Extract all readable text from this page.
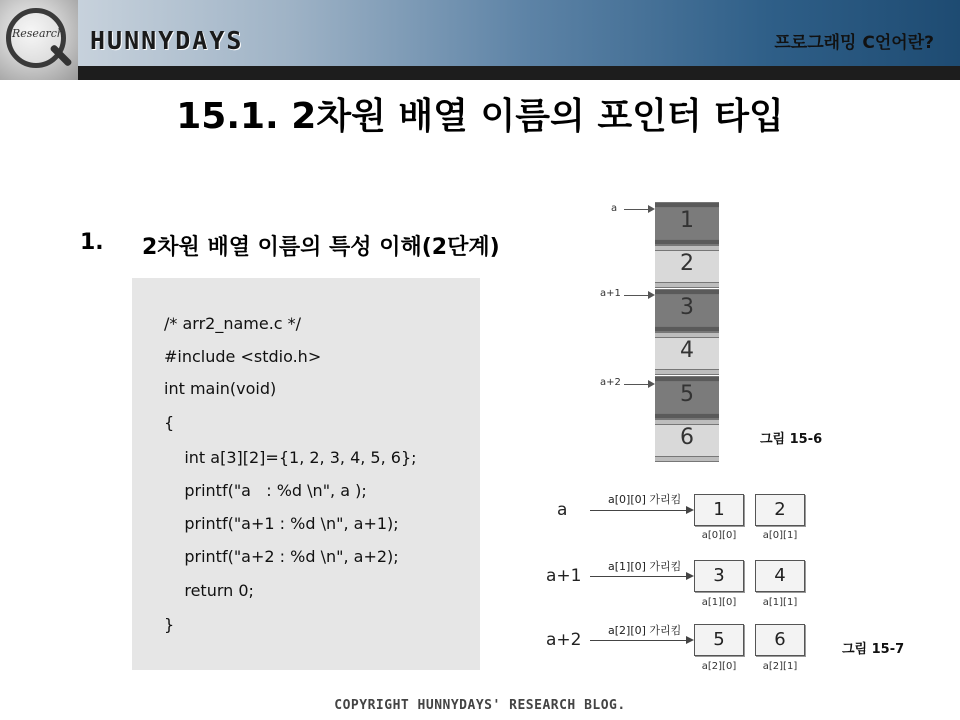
Research HUNNYDAYS	프로그래밍 C언어란?
15.1. 2차원 배열 이름의 포인터 타입
1. 2차원 배열 이름의 특성 이해(2단계)
/* arr2_name.c */
#include <stdio.h>
int main(void)
{
int a[3][2]={1, 2, 3, 4, 5, 6};
printf("a   : %d \n", a );
printf("a+1 : %d \n", a+1);
printf("a+2 : %d \n", a+2);
return 0;
}
1
2
3
4
5
6
a
a+1
a+2
그림 15-6
a
a[0][0] 가리킴	1	2
a[0][0]	a[0][1]
a+1 a[1][0] 가리킴	3	4
a[1][0]	a[1][1]
a+2 a[2][0] 가리킴	5	6
a[2][0]	a[2][1]
그림 15-7
COPYRIGHT HUNNYDAYS' RESEARCH BLOG.
